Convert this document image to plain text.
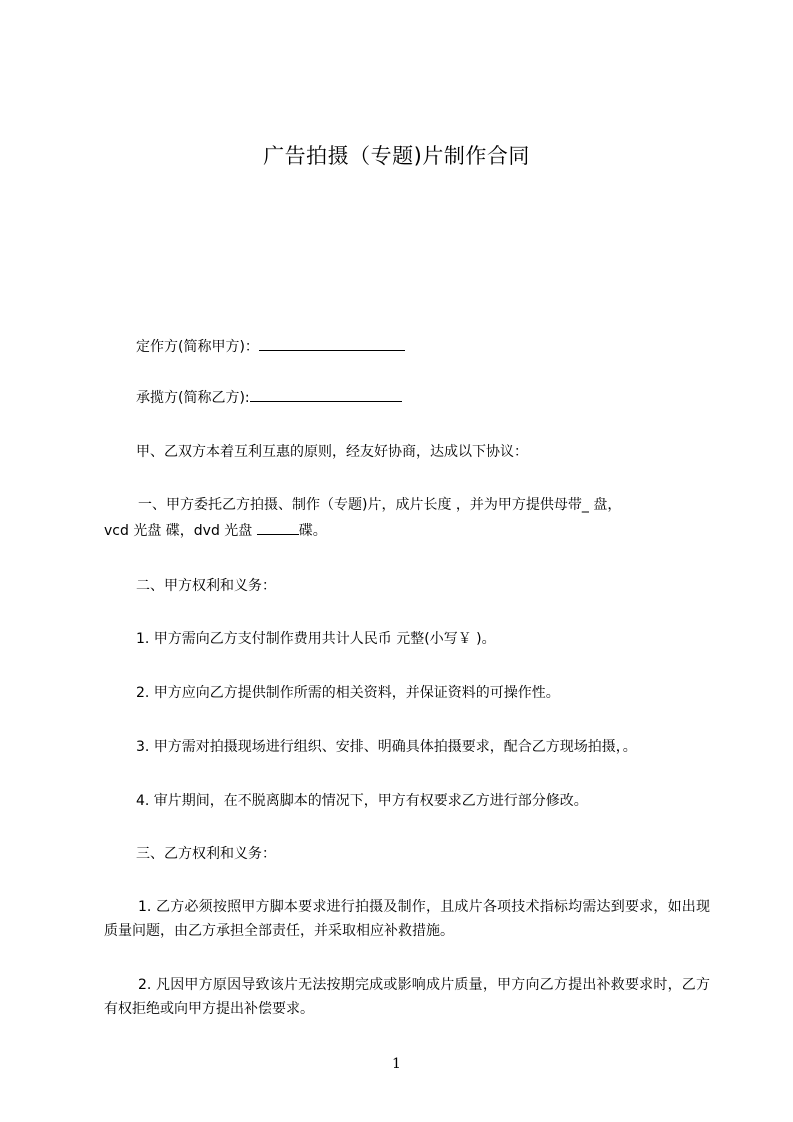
广告拍摄（专题)片制作合同
定作方(简称甲方)：
承揽方(简称乙方):
甲、乙双方本着互利互惠的原则，经友好协商，达成以下协议：
一、甲方委托乙方拍摄、制作（专题)片，成片长度 ，并为甲方提供母带_ 盘，
vcd 光盘 碟，dvd 光盘	碟。
二、甲方权利和义务：
1. 甲方需向乙方支付制作费用共计人民币 元整(小写￥ )。
2. 甲方应向乙方提供制作所需的相关资料，并保证资料的可操作性。
3. 甲方需对拍摄现场进行组织、安排、明确具体拍摄要求，配合乙方现场拍摄，。
4. 审片期间，在不脱离脚本的情况下，甲方有权要求乙方进行部分修改。
三、乙方权利和义务：
1. 乙方必须按照甲方脚本要求进行拍摄及制作，且成片各项技术指标均需达到要求，如出现质量问题，由乙方承担全部责任，并采取相应补救措施。
2. 凡因甲方原因导致该片无法按期完成或影响成片质量，甲方向乙方提出补救要求时，乙方有权拒绝或向甲方提出补偿要求。
1
